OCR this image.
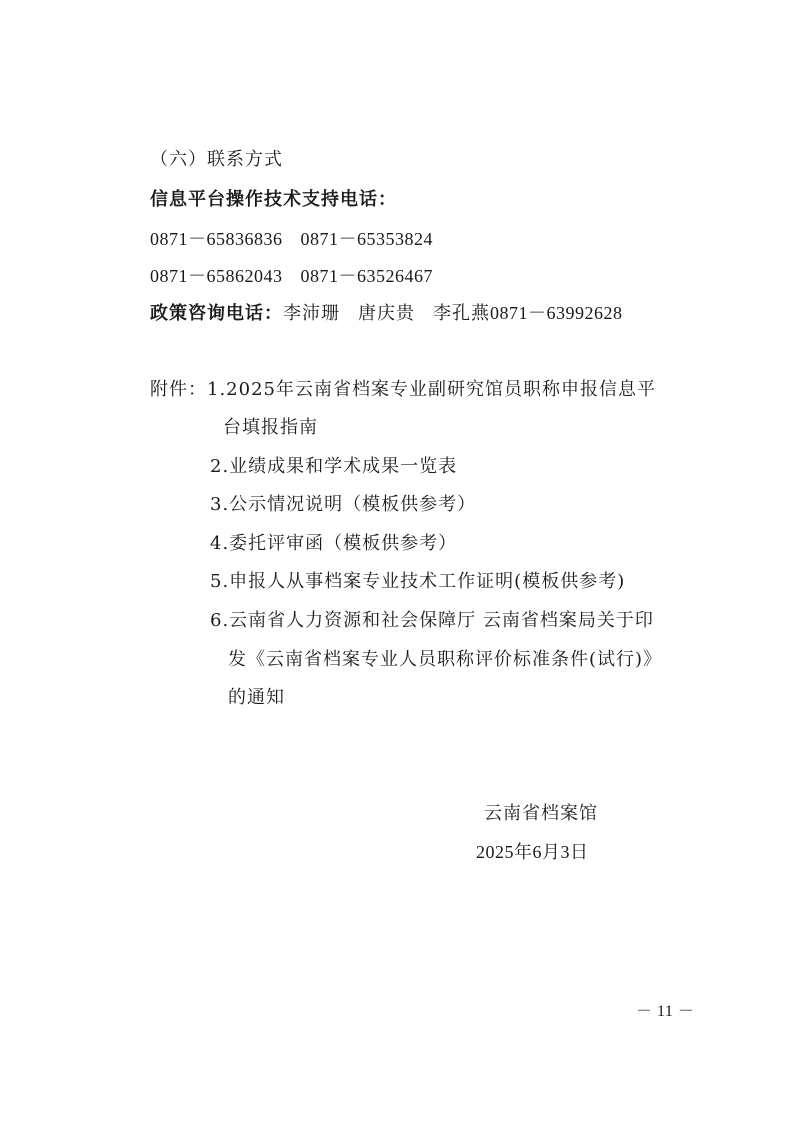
（六）联系方式
信息平台操作技术支持电话：
0871－65836836 0871－65353824
0871－65862043 0871－63526467
政策咨询电话：李沛珊 唐庆贵 李孔燕0871－63992628
附件：1.2025年云南省档案专业副研究馆员职称申报信息平
台填报指南
2.业绩成果和学术成果一览表
3.公示情况说明（模板供参考）
4.委托评审函（模板供参考）
5.申报人从事档案专业技术工作证明(模板供参考)
6.云南省人力资源和社会保障厅 云南省档案局关于印
发《云南省档案专业人员职称评价标准条件(试行)》
的通知
云南省档案馆
2025年6月3日
－ 11 －
